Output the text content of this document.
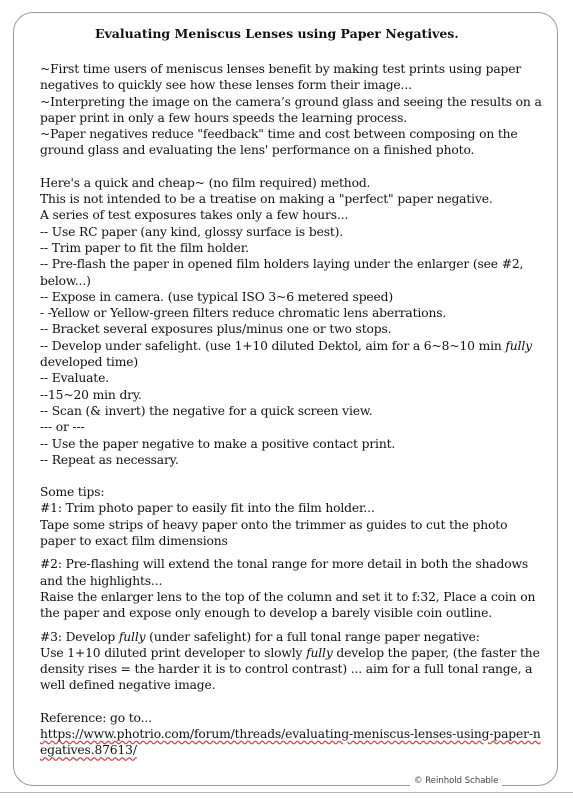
Evaluating Meniscus Lenses using Paper Negatives.

~First time users of meniscus lenses benefit by making test prints using paper negatives to quickly see how these lenses form their image...

~Interpreting the image on the camera’s ground glass and seeing the results on a paper print in only a few hours speeds the learning process.

~Paper negatives reduce "feedback" time and cost between composing on the ground glass and evaluating the lens' performance on a finished photo.

Here's a quick and cheap~ (no film required) method.

This is not intended to be a treatise on making a "perfect" paper negative.

A series of test exposures takes only a few hours...

-- Use RC paper (any kind, glossy surface is best).

-- Trim paper to fit the film holder.

-- Pre-flash the paper in opened film holders laying under the enlarger (see #2, below...)

-- Expose in camera. (use typical ISO 3~6 metered speed)

- -Yellow or Yellow-green filters reduce chromatic lens aberrations.

-- Bracket several exposures plus/minus one or two stops.

-- Develop under safelight. (use 1+10 diluted Dektol, aim for a 6~8~10 min fully developed time)

-- Evaluate.

--15~20 min dry.

-- Scan (& invert) the negative for a quick screen view.

--- or ---

-- Use the paper negative to make a positive contact print.

-- Repeat as necessary.

Some tips:

#1: Trim photo paper to easily fit into the film holder...

Tape some strips of heavy paper onto the trimmer as guides to cut the photo paper to exact film dimensions

#2: Pre-flashing will extend the tonal range for more detail in both the shadows and the highlights...

Raise the enlarger lens to the top of the column and set it to f:32, Place a coin on the paper and expose only enough to develop a barely visible coin outline.

#3: Develop fully (under safelight) for a full tonal range paper negative:

Use 1+10 diluted print developer to slowly fully develop the paper, (the faster the density rises = the harder it is to control contrast) ... aim for a full tonal range, a well defined negative image.

Reference: go to...

https://www.photrio.com/forum/threads/evaluating-meniscus-lenses-using-paper-negatives.87613/

© Reinhold Schable
